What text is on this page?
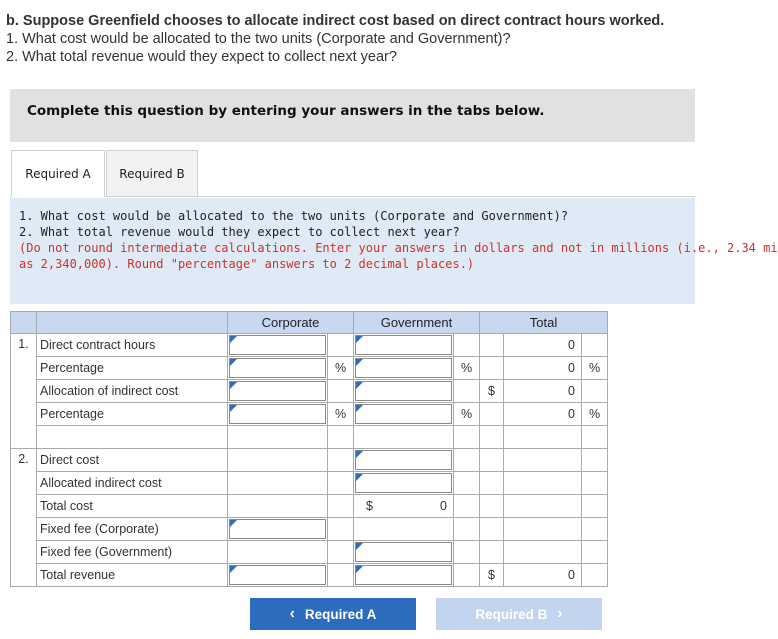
b. Suppose Greenfield chooses to allocate indirect cost based on direct contract hours worked.
1. What cost would be allocated to the two units (Corporate and Government)?
2. What total revenue would they expect to collect next year?
Complete this question by entering your answers in the tabs below.
Required A	Required B
1. What cost would be allocated to the two units (Corporate and Government)?
2. What total revenue would they expect to collect next year?
(Do not round intermediate calculations. Enter your answers in dollars and not in millions (i.e., 2.34 mi
as 2,340,000). Round "percentage" answers to 2 decimal places.)
		Corporate		Government		Total		
1.	Direct contract hours						0	
	Percentage		%		%		0	%
	Allocation of indirect cost					$	0	
	Percentage		%		%		0	%

2.	Direct cost			

	Allocated indirect cost			

	Total cost			$ 0				

	Fixed fee (Corporate)	

	Fixed fee (Government)			

	Total revenue					$	0	
‹ Required A	Required B ›
